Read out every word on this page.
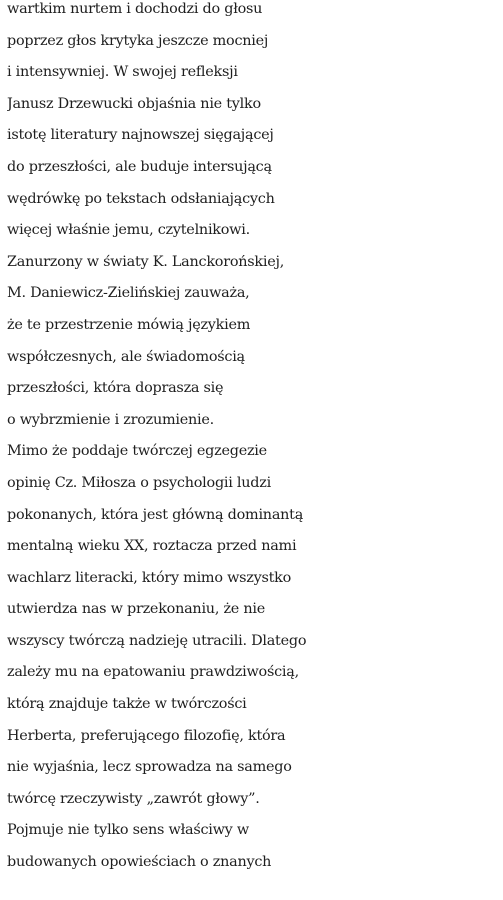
wartkim nurtem i dochodzi do głosu
poprzez głos krytyka jeszcze mocniej
i intensywniej. W swojej refleksji
Janusz Drzewucki objaśnia nie tylko
istotę literatury najnowszej sięgającej
do przeszłości, ale buduje intersującą
wędrówkę po tekstach odsłaniających
więcej właśnie jemu, czytelnikowi.
Zanurzony w światy K. Lanckorońskiej,
M. Daniewicz-Zielińskiej zauważa,
że te przestrzenie mówią językiem
współczesnych, ale świadomością
przeszłości, która doprasza się
o wybrzmienie i zrozumienie.
Mimo że poddaje twórczej egzegezie
opinię Cz. Miłosza o psychologii ludzi
pokonanych, która jest główną dominantą
mentalną wieku XX, roztacza przed nami
wachlarz literacki, który mimo wszystko
utwierdza nas w przekonaniu, że nie
wszyscy twórczą nadzieję utracili. Dlatego
zależy mu na epatowaniu prawdziwością,
którą znajduje także w twórczości
Herberta, preferującego filozofię, która
nie wyjaśnia, lecz sprowadza na samego
twórcę rzeczywisty „zawrót głowy”.
Pojmuje nie tylko sens właściwy w
budowanych opowieściach o znanych
